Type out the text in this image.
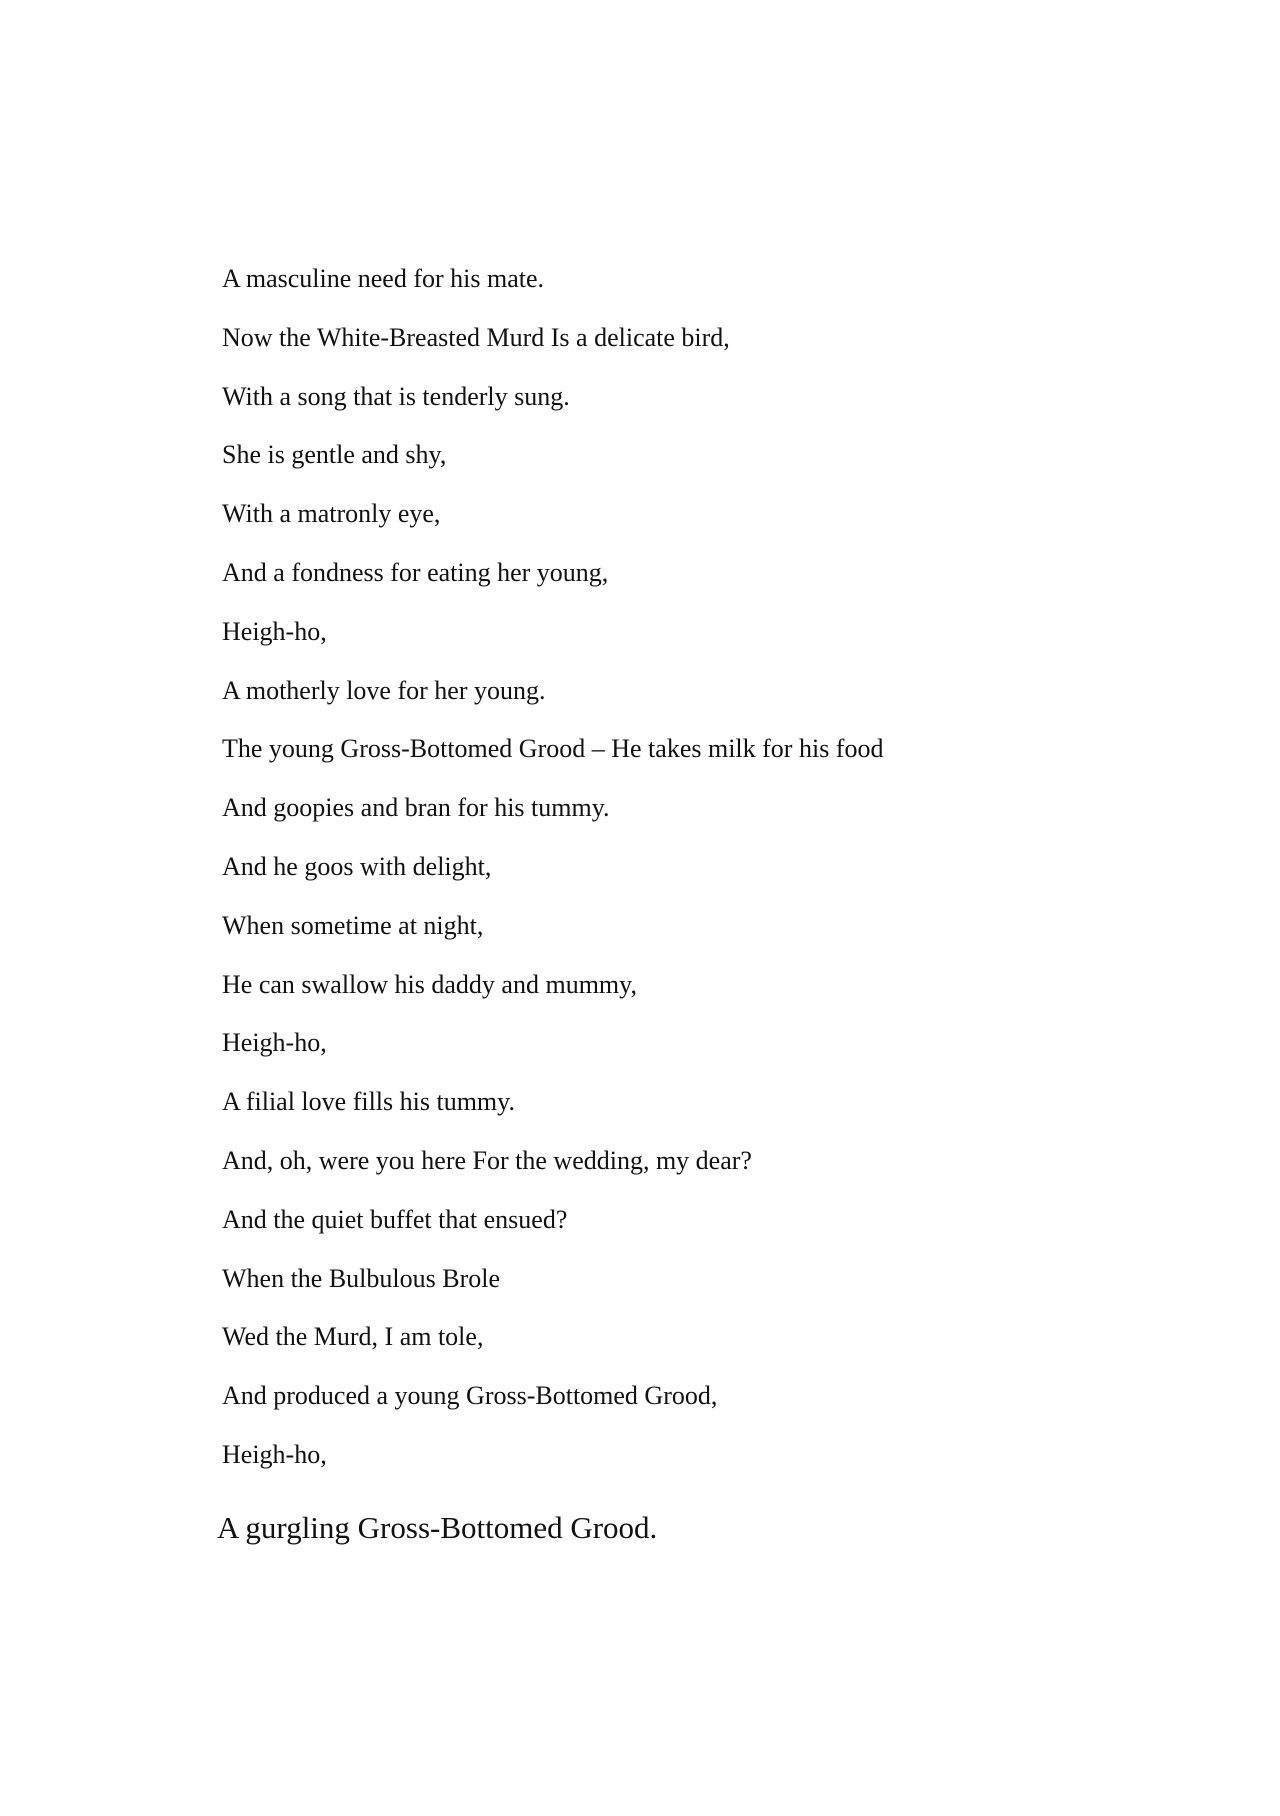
A masculine need for his mate.

Now the White-Breasted Murd Is a delicate bird,

With a song that is tenderly sung.

She is gentle and shy,

With a matronly eye,

And a fondness for eating her young,

Heigh-ho,

A motherly love for her young.

The young Gross-Bottomed Grood – He takes milk for his food

And goopies and bran for his tummy.

And he goos with delight,

When sometime at night,

He can swallow his daddy and mummy,

Heigh-ho,

A filial love fills his tummy.

And, oh, were you here For the wedding, my dear?

And the quiet buffet that ensued?

When the Bulbulous Brole

Wed the Murd, I am tole,

And produced a young Gross-Bottomed Grood,

Heigh-ho,

A gurgling Gross-Bottomed Grood.
